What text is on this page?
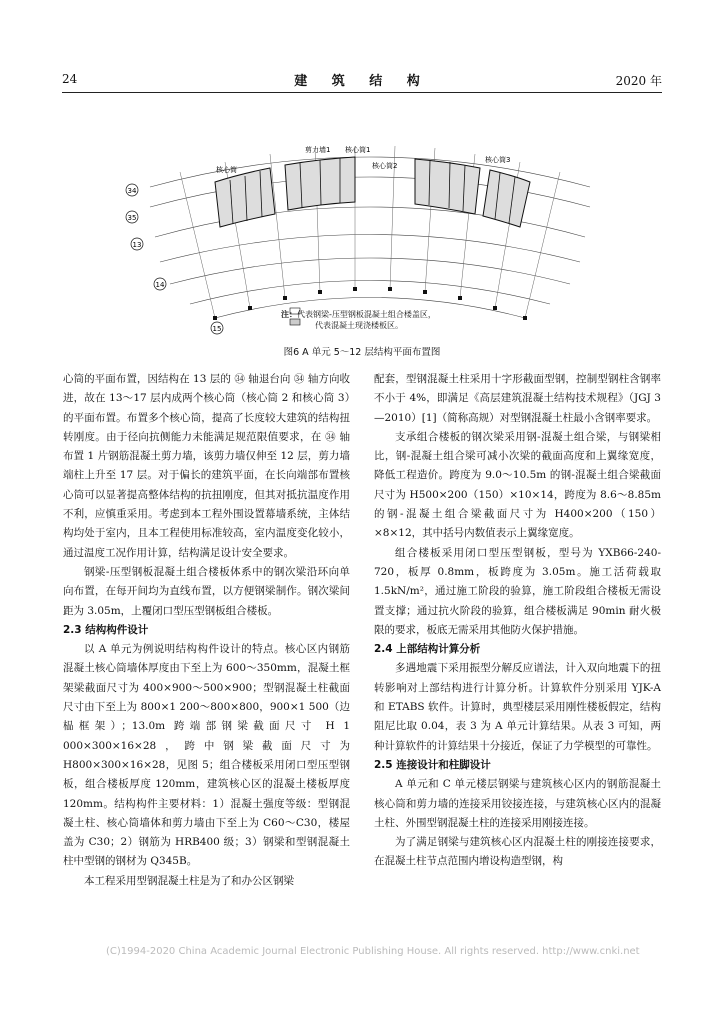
24	建 筑 结 构	2020 年
34
35
13
14
15
核心筒
剪力墙1 核心筒1
核心筒2
核心筒3
注：代表钢梁-压型钢板混凝土组合楼盖区，
代表混凝土现浇楼板区。
图6 A 单元 5～12 层结构平面布置图

心筒的平面布置，因结构在 13 层的 ㉞ 轴退台向 ㉞ 轴方向收进，故在 13～17 层内成两个核心筒（核心筒 2 和核心筒 3）的平面布置。布置多个核心筒，提高了长度较大建筑的结构扭转刚度。由于径向抗侧能力未能满足规范限值要求，在 ㉞ 轴布置 1 片钢筋混凝土剪力墙，该剪力墙仅伸至 12 层，剪力墙端柱上升至 17 层。对于偏长的建筑平面，在长向端部布置核心筒可以显著提高整体结构的抗扭刚度，但其对抵抗温度作用不利，应慎重采用。考虑到本工程外围设置幕墙系统，主体结构均处于室内，且本工程使用标准较高，室内温度变化较小，通过温度工况作用计算，结构满足设计安全要求。

钢梁-压型钢板混凝土组合楼板体系中的钢次梁沿环向单向布置，在每开间均为直线布置，以方便钢梁制作。钢次梁间距为 3.05m，上覆闭口型压型钢板组合楼板。

2.3 结构构件设计

以 A 单元为例说明结构构件设计的特点。核心区内钢筋混凝土核心筒墙体厚度由下至上为 600～350mm，混凝土框架梁截面尺寸为 400×900～500×900；型钢混凝土柱截面尺寸由下至上为 800×1 200～800×800，900×1 500（边榀框架）；13.0m 跨端部钢梁截面尺寸 H 1 000×300×16×28，跨中钢梁截面尺寸为 H800×300×16×28，见图 5；组合楼板采用闭口型压型钢板，组合楼板厚度 120mm，建筑核心区的混凝土楼板厚度 120mm。结构构件主要材料：1）混凝土强度等级：型钢混凝土柱、核心筒墙体和剪力墙由下至上为 C60～C30，楼屋盖为 C30；2）钢筋为 HRB400 级；3）钢梁和型钢混凝土柱中型钢的钢材为 Q345B。

本工程采用型钢混凝土柱是为了和办公区钢梁

配套，型钢混凝土柱采用十字形截面型钢，控制型钢柱含钢率不小于 4%，即满足《高层建筑混凝土结构技术规程》（JGJ 3—2010）[1]（简称高规）对型钢混凝土柱最小含钢率要求。

支承组合楼板的钢次梁采用钢-混凝土组合梁，与钢梁相比，钢-混凝土组合梁可减小次梁的截面高度和上翼缘宽度，降低工程造价。跨度为 9.0～10.5m 的钢-混凝土组合梁截面尺寸为 H500×200（150）×10×14，跨度为 8.6～8.85m 的钢-混凝土组合梁截面尺寸为 H400×200（150）×8×12，其中括号内数值表示上翼缘宽度。

组合楼板采用闭口型压型钢板，型号为 YXB66-240-720，板厚 0.8mm，板跨度为 3.05m。施工活荷载取 1.5kN/m²，通过施工阶段的验算，施工阶段组合楼板无需设置支撑；通过抗火阶段的验算，组合楼板满足 90min 耐火极限的要求，板底无需采用其他防火保护措施。

2.4 上部结构计算分析

多遇地震下采用振型分解反应谱法，计入双向地震下的扭转影响对上部结构进行计算分析。计算软件分别采用 YJK-A 和 ETABS 软件。计算时，典型楼层采用刚性楼板假定，结构阻尼比取 0.04，表 3 为 A 单元计算结果。从表 3 可知，两种计算软件的计算结果十分接近，保证了力学模型的可靠性。

2.5 连接设计和柱脚设计

A 单元和 C 单元楼层钢梁与建筑核心区内的钢筋混凝土核心筒和剪力墙的连接采用铰接连接，与建筑核心区内的混凝土柱、外围型钢混凝土柱的连接采用刚接连接。

为了满足钢梁与建筑核心区内混凝土柱的刚接连接要求，在混凝土柱节点范围内增设构造型钢，构

(C)1994-2020 China Academic Journal Electronic Publishing House. All rights reserved. http://www.cnki.net
